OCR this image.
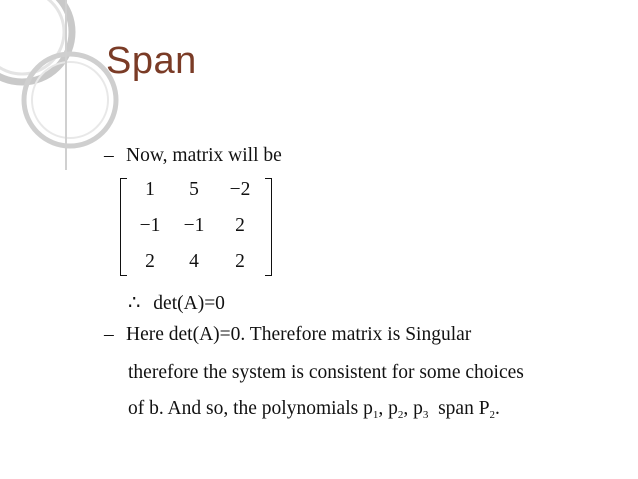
Span
– Now, matrix will be
1	5	−2
−1	−1	2
2	4	2
∴ det(A)=0
– Here det(A)=0. Therefore matrix is Singular
therefore the system is consistent for some choices
of b. And so, the polynomials $p_1$, $p_2$, $p_3$  span $P_2$.
